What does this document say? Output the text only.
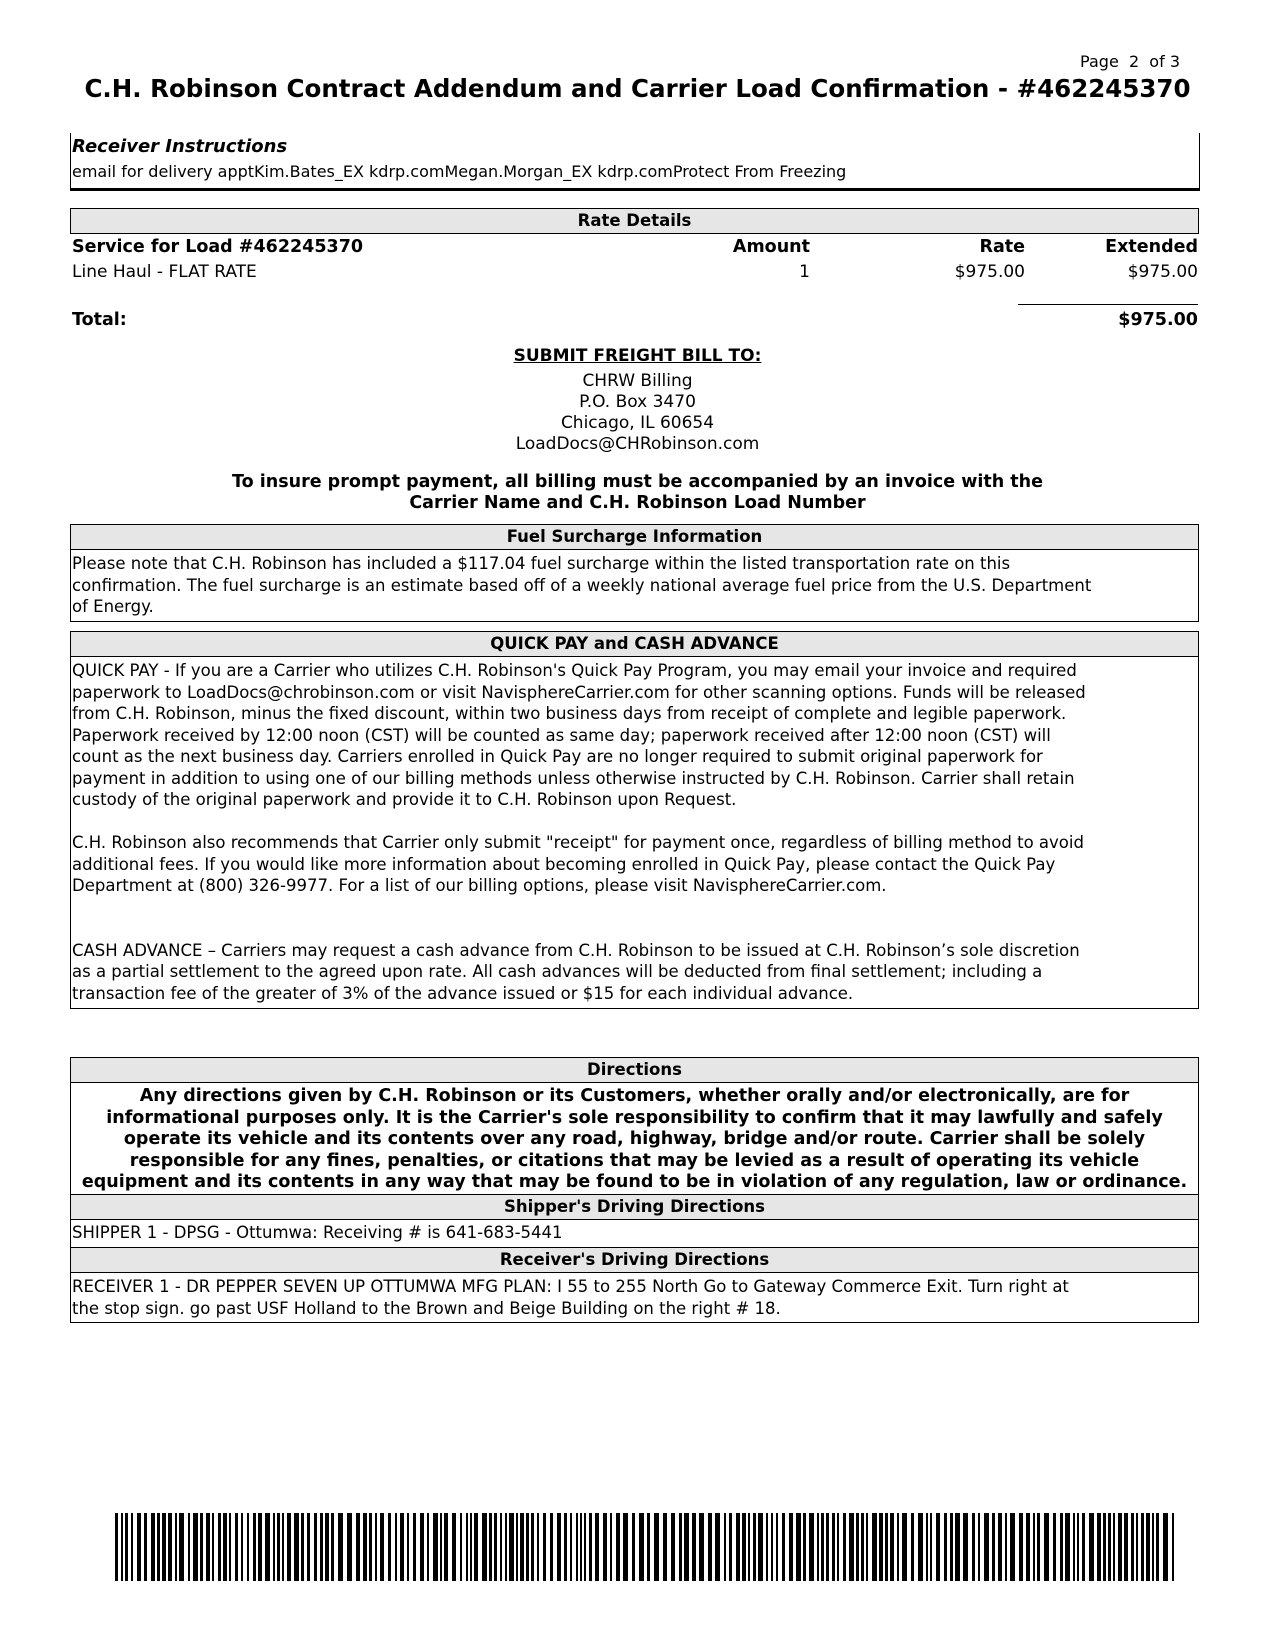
Page  2  of 3
C.H. Robinson Contract Addendum and Carrier Load Confirmation - #462245370
Receiver Instructions
email for delivery apptKim.Bates_EX kdrp.comMegan.Morgan_EX kdrp.comProtect From Freezing
Rate Details
Service for Load #462245370	Amount	Rate	Extended
Line Haul - FLAT RATE	1	$975.00	$975.00
Total:	$975.00
SUBMIT FREIGHT BILL TO:
CHRW Billing
P.O. Box 3470
Chicago, IL 60654
LoadDocs@CHRobinson.com
To insure prompt payment, all billing must be accompanied by an invoice with the
Carrier Name and C.H. Robinson Load Number
Fuel Surcharge Information
Please note that C.H. Robinson has included a $117.04 fuel surcharge within the listed transportation rate on this
confirmation. The fuel surcharge is an estimate based off of a weekly national average fuel price from the U.S. Department
of Energy.
QUICK PAY and CASH ADVANCE
QUICK PAY - If you are a Carrier who utilizes C.H. Robinson's Quick Pay Program, you may email your invoice and required
paperwork to LoadDocs@chrobinson.com or visit NavisphereCarrier.com for other scanning options. Funds will be released
from C.H. Robinson, minus the fixed discount, within two business days from receipt of complete and legible paperwork.
Paperwork received by 12:00 noon (CST) will be counted as same day; paperwork received after 12:00 noon (CST) will
count as the next business day. Carriers enrolled in Quick Pay are no longer required to submit original paperwork for
payment in addition to using one of our billing methods unless otherwise instructed by C.H. Robinson. Carrier shall retain
custody of the original paperwork and provide it to C.H. Robinson upon Request.

C.H. Robinson also recommends that Carrier only submit "receipt" for payment once, regardless of billing method to avoid
additional fees. If you would like more information about becoming enrolled in Quick Pay, please contact the Quick Pay
Department at (800) 326-9977. For a list of our billing options, please visit NavisphereCarrier.com.

CASH ADVANCE – Carriers may request a cash advance from C.H. Robinson to be issued at C.H. Robinson’s sole discretion
as a partial settlement to the agreed upon rate. All cash advances will be deducted from final settlement; including a
transaction fee of the greater of 3% of the advance issued or $15 for each individual advance.
Directions
Any directions given by C.H. Robinson or its Customers, whether orally and/or electronically, are for
informational purposes only. It is the Carrier's sole responsibility to confirm that it may lawfully and safely
operate its vehicle and its contents over any road, highway, bridge and/or route. Carrier shall be solely
responsible for any fines, penalties, or citations that may be levied as a result of operating its vehicle
equipment and its contents in any way that may be found to be in violation of any regulation, law or ordinance.
Shipper's Driving Directions
SHIPPER 1 - DPSG - Ottumwa: Receiving # is 641-683-5441
Receiver's Driving Directions
RECEIVER 1 - DR PEPPER SEVEN UP OTTUMWA MFG PLAN: I 55 to 255 North Go to Gateway Commerce Exit. Turn right at
the stop sign. go past USF Holland to the Brown and Beige Building on the right # 18.
